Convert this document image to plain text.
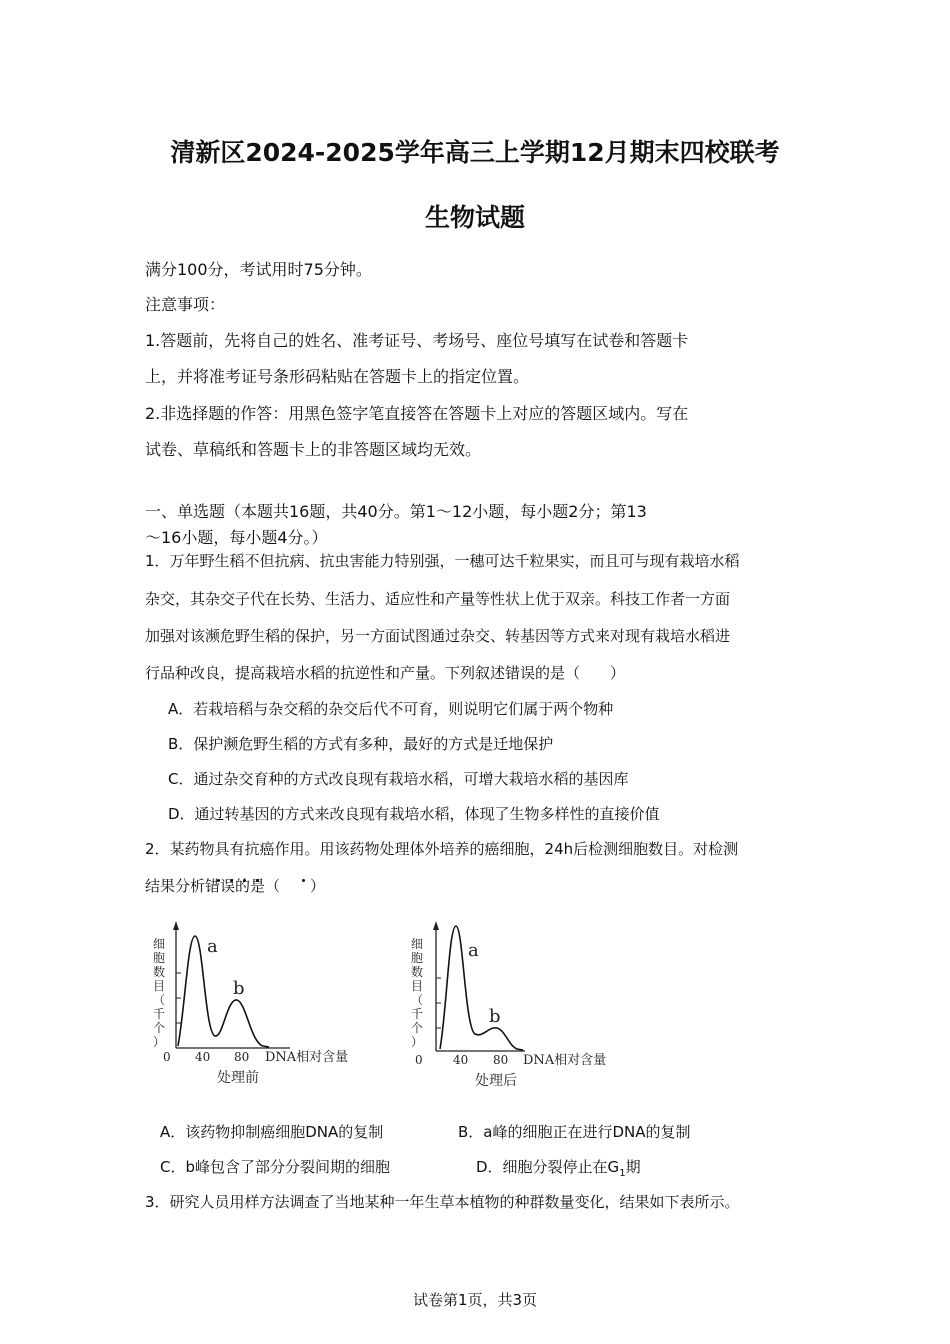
清新区2024-2025学年高三上学期12月期末四校联考
生物试题
满分100分，考试用时75分钟。
注意事项：
1.答题前，先将自己的姓名、准考证号、考场号、座位号填写在试卷和答题卡
上，并将准考证号条形码粘贴在答题卡上的指定位置。
2.非选择题的作答：用黑色签字笔直接答在答题卡上对应的答题区域内。写在
试卷、草稿纸和答题卡上的非答题区域均无效。
一、单选题（本题共16题，共40分。第1～12小题，每小题2分；第13
～16小题，每小题4分。）
1．万年野生稻不但抗病、抗虫害能力特别强，一穗可达千粒果实，而且可与现有栽培水稻
杂交，其杂交子代在长势、生活力、适应性和产量等性状上优于双亲。科技工作者一方面
加强对该濒危野生稻的保护，另一方面试图通过杂交、转基因等方式来对现有栽培水稻进
行品种改良，提高栽培水稻的抗逆性和产量。下列叙述错误的是（　　）
A．若栽培稻与杂交稻的杂交后代不可育，则说明它们属于两个物种
B．保护濒危野生稻的方式有多种，最好的方式是迁地保护
C．通过杂交育种的方式改良现有栽培水稻，可增大栽培水稻的基因库
D．通过转基因的方式来改良现有栽培水稻，体现了生物多样性的直接价值
2．某药物具有抗癌作用。用该药物处理体外培养的癌细胞，24h后检测细胞数目。对检测
结果分析错误的是（　　）
细
胞
数
目
（
千
个
）
a
b
0 40 80 DNA相对含量
处理前
细
胞
数
目
（
千
个
）
a
b
0	40 80 DNA相对含量
处理后
A．该药物抑制癌细胞DNA的复制	B．a峰的细胞正在进行DNA的复制
C．b峰包含了部分分裂间期的细胞	D．细胞分裂停止在$G_1$期
3．研究人员用样方法调查了当地某种一年生草本植物的种群数量变化，结果如下表所示。
试卷第1页，共3页
